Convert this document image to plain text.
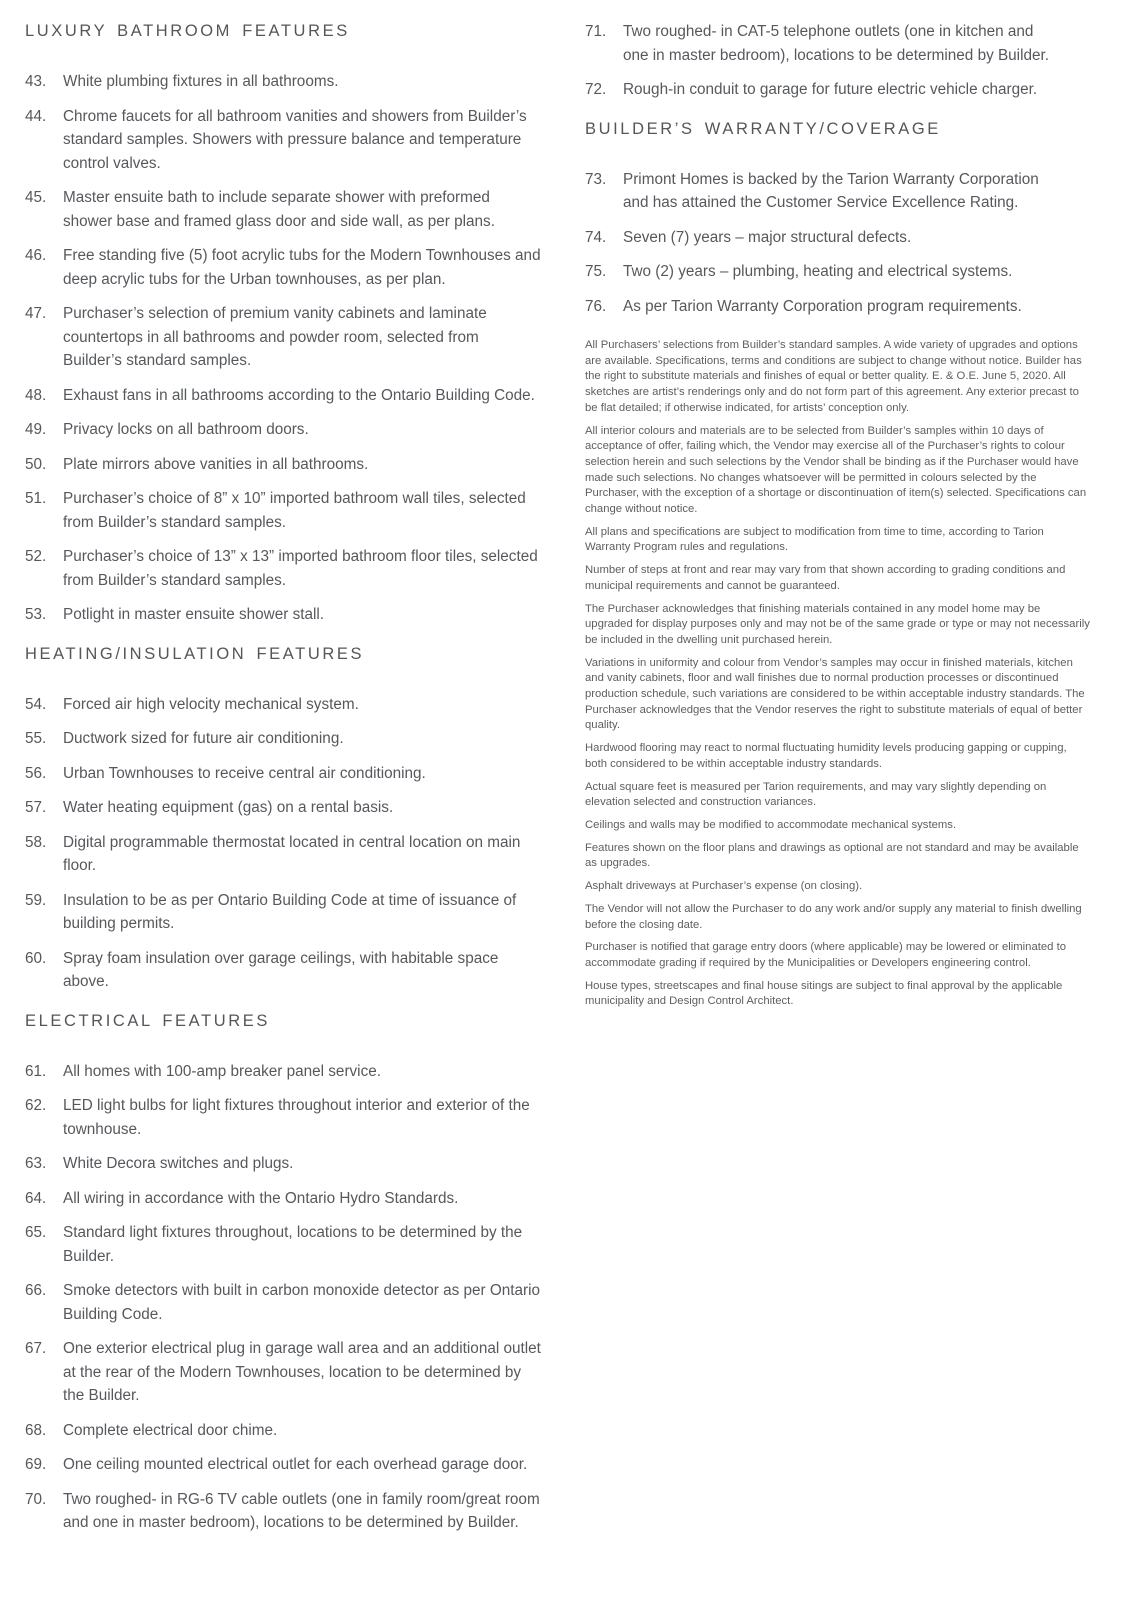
LUXURY BATHROOM FEATURES
43.	White plumbing fixtures in all bathrooms.
44.	Chrome faucets for all bathroom vanities and showers from Builder’s standard samples. Showers with pressure balance and temperature control valves.
45.	Master ensuite bath to include separate shower with preformed shower base and framed glass door and side wall, as per plans.
46.	Free standing five (5) foot acrylic tubs for the Modern Townhouses and deep acrylic tubs for the Urban townhouses, as per plan.
47.	Purchaser’s selection of premium vanity cabinets and laminate countertops in all bathrooms and powder room, selected from Builder’s standard samples.
48.	Exhaust fans in all bathrooms according to the Ontario Building Code.
49.	Privacy locks on all bathroom doors.
50.	Plate mirrors above vanities in all bathrooms.
51.	Purchaser’s choice of 8” x 10” imported bathroom wall tiles, selected from Builder’s standard samples.
52.	Purchaser’s choice of 13” x 13” imported bathroom floor tiles, selected from Builder’s standard samples.
53.	Potlight in master ensuite shower stall.
HEATING/INSULATION FEATURES
54.	Forced air high velocity mechanical system.
55.	Ductwork sized for future air conditioning.
56.	Urban Townhouses to receive central air conditioning.
57.	Water heating equipment (gas) on a rental basis.
58.	Digital programmable thermostat located in central location on main floor.
59.	Insulation to be as per Ontario Building Code at time of issuance of building permits.
60.	Spray foam insulation over garage ceilings, with habitable space above.
ELECTRICAL FEATURES
61.	All homes with 100-amp breaker panel service.
62.	LED light bulbs for light fixtures throughout interior and exterior of the townhouse.
63.	White Decora switches and plugs.
64.	All wiring in accordance with the Ontario Hydro Standards.
65.	Standard light fixtures throughout, locations to be determined by the Builder.
66.	Smoke detectors with built in carbon monoxide detector as per Ontario Building Code.
67.	One exterior electrical plug in garage wall area and an additional outlet at the rear of the Modern Townhouses, location to be determined by the Builder.
68.	Complete electrical door chime.
69.	One ceiling mounted electrical outlet for each overhead garage door.
70.	Two roughed- in RG-6 TV cable outlets (one in family room/great room and one in master bedroom), locations to be determined by Builder.
71.	Two roughed- in CAT-5 telephone outlets (one in kitchen and one in master bedroom), locations to be determined by Builder.
72.	Rough-in conduit to garage for future electric vehicle charger.
BUILDER’S WARRANTY/COVERAGE
73.	Primont Homes is backed by the Tarion Warranty Corporation and has attained the Customer Service Excellence Rating.
74.	Seven (7) years – major structural defects.
75.	Two (2) years – plumbing, heating and electrical systems.
76.	As per Tarion Warranty Corporation program requirements.

All Purchasers’ selections from Builder’s standard samples. A wide variety of upgrades and options are available. Specifications, terms and conditions are subject to change without notice. Builder has the right to substitute materials and finishes of equal or better quality. E. & O.E. June 5, 2020. All sketches are artist’s renderings only and do not form part of this agreement. Any exterior precast to be flat detailed; if otherwise indicated, for artists’ conception only.

All interior colours and materials are to be selected from Builder’s samples within 10 days of acceptance of offer, failing which, the Vendor may exercise all of the Purchaser’s rights to colour selection herein and such selections by the Vendor shall be binding as if the Purchaser would have made such selections. No changes whatsoever will be permitted in colours selected by the Purchaser, with the exception of a shortage or discontinuation of item(s) selected. Specifications can change without notice.

All plans and specifications are subject to modification from time to time, according to Tarion Warranty Program rules and regulations.

Number of steps at front and rear may vary from that shown according to grading conditions and municipal requirements and cannot be guaranteed.

The Purchaser acknowledges that finishing materials contained in any model home may be upgraded for display purposes only and may not be of the same grade or type or may not necessarily be included in the dwelling unit purchased herein.

Variations in uniformity and colour from Vendor’s samples may occur in finished materials, kitchen and vanity cabinets, floor and wall finishes due to normal production processes or discontinued production schedule, such variations are considered to be within acceptable industry standards. The Purchaser acknowledges that the Vendor reserves the right to substitute materials of equal of better quality.

Hardwood flooring may react to normal fluctuating humidity levels producing gapping or cupping, both considered to be within acceptable industry standards.

Actual square feet is measured per Tarion requirements, and may vary slightly depending on elevation selected and construction variances.

Ceilings and walls may be modified to accommodate mechanical systems.

Features shown on the floor plans and drawings as optional are not standard and may be available as upgrades.

Asphalt driveways at Purchaser’s expense (on closing).

The Vendor will not allow the Purchaser to do any work and/or supply any material to finish dwelling before the closing date.

Purchaser is notified that garage entry doors (where applicable) may be lowered or eliminated to accommodate grading if required by the Municipalities or Developers engineering control.

House types, streetscapes and final house sitings are subject to final approval by the applicable municipality and Design Control Architect.
